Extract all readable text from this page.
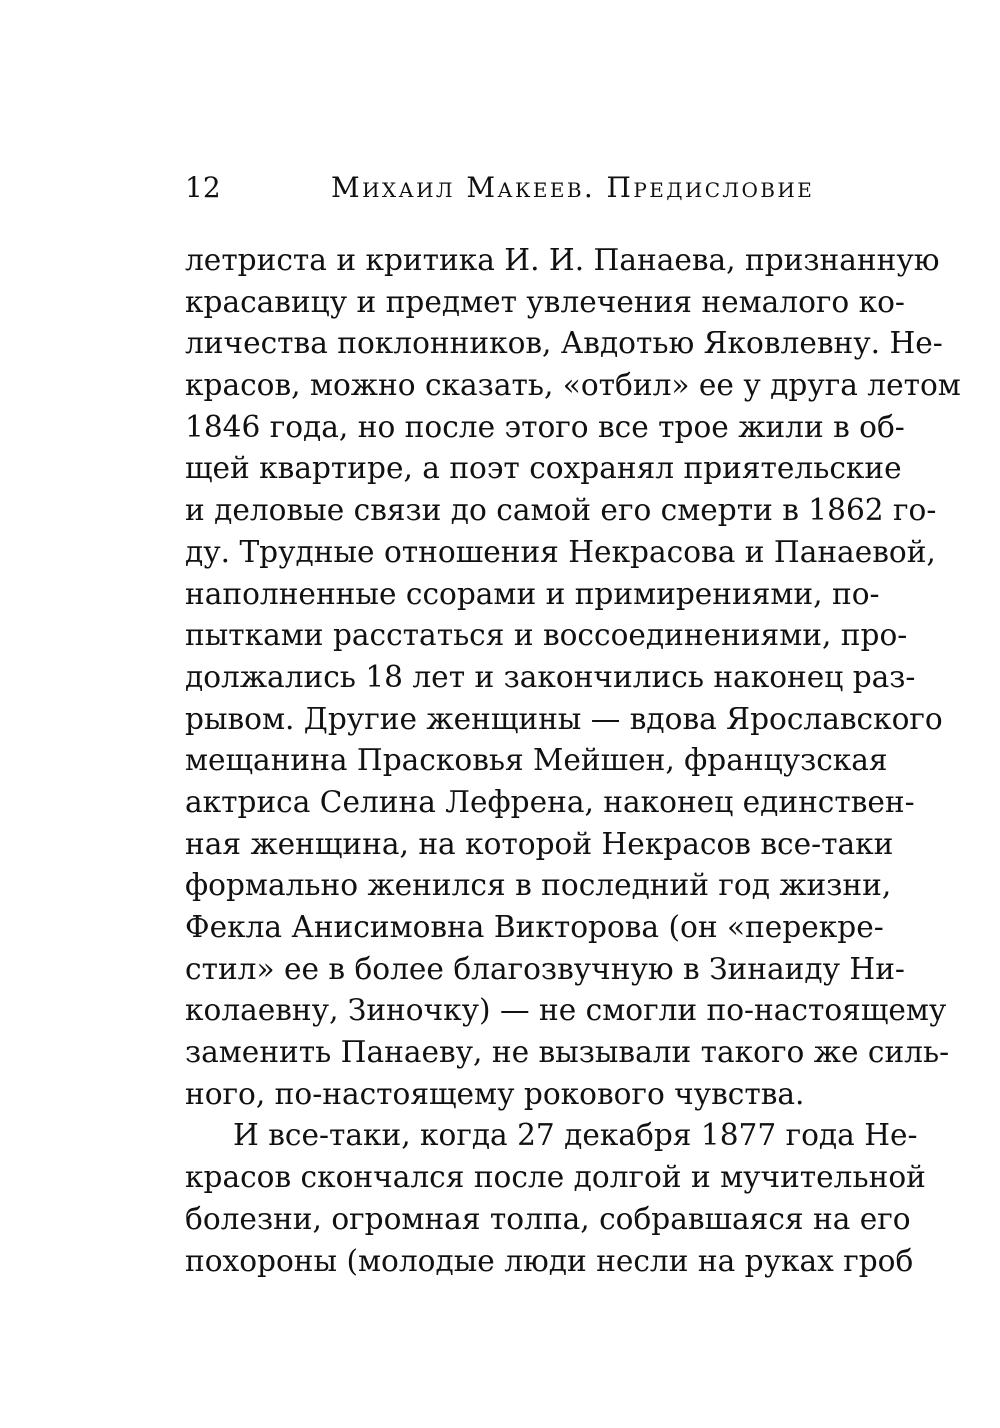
12	Михаил Макеев. Предисловие
летриста и критика И. И. Панаева, признанную
красавицу и предмет увлечения немалого ко-
личества поклонников, Авдотью Яковлевну. Не-
красов, можно сказать, «отбил» ее у друга летом
1846 года, но после этого все трое жили в об-
щей квартире, а поэт сохранял приятельские
и деловые связи до самой его смерти в 1862 го-
ду. Трудные отношения Некрасова и Панаевой,
наполненные ссорами и примирениями, по-
пытками расстаться и воссоединениями, про-
должались 18 лет и закончились наконец раз-
рывом. Другие женщины — вдова Ярославского
мещанина Прасковья Мейшен, французская
актриса Селина Лефрена, наконец единствен-
ная женщина, на которой Некрасов все-таки
формально женился в последний год жизни,
Фекла Анисимовна Викторова (он «перекре-
стил» ее в более благозвучную в Зинаиду Ни-
колаевну, Зиночку) — не смогли по-настоящему
заменить Панаеву, не вызывали такого же силь-
ного, по-настоящему рокового чувства.
И все-таки, когда 27 декабря 1877 года Не-
красов скончался после долгой и мучительной
болезни, огромная толпа, собравшаяся на его
похороны (молодые люди несли на руках гроб
